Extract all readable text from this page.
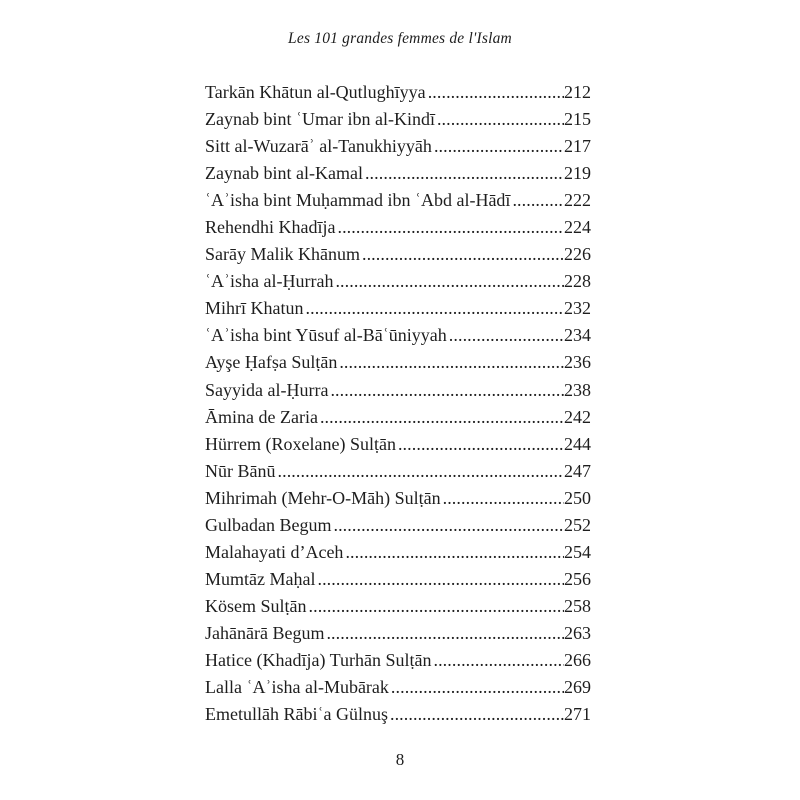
Les 101 grandes femmes de l'Islam
Tarkān Khātun al-Qutlughīyya .....	212
Zaynab bint ʿUmar ibn al-Kindī .....	215
Sitt al-Wuzarāʾ al-Tanukhiyyāh .....	217
Zaynab bint al-Kamal .....	219
ʿAʾisha bint Muḥammad ibn ʿAbd al-Hādī .....	222
Rehendhi Khadīja .....	224
Sarāy Malik Khānum .....	226
ʿAʾisha al-Ḥurrah .....	228
Mihrī Khatun .....	232
ʿAʾisha bint Yūsuf al-Bāʿūniyyah .....	234
Ayşe Ḥafṣa Sulṭān .....	236
Sayyida al-Ḥurra .....	238
Āmina de Zaria .....	242
Hürrem (Roxelane) Sulṭān .....	244
Nūr Bānū .....	247
Mihrimah (Mehr-O-Māh) Sulṭān .....	250
Gulbadan Begum .....	252
Malahayati d’Aceh .....	254
Mumtāz Maḥal .....	256
Kösem Sulṭān .....	258
Jahānārā Begum .....	263
Hatice (Khadīja) Turhān Sulṭān .....	266
Lalla ʿAʾisha al-Mubārak .....	269
Emetullāh Rābiʿa Gülnuş .....	271
8
